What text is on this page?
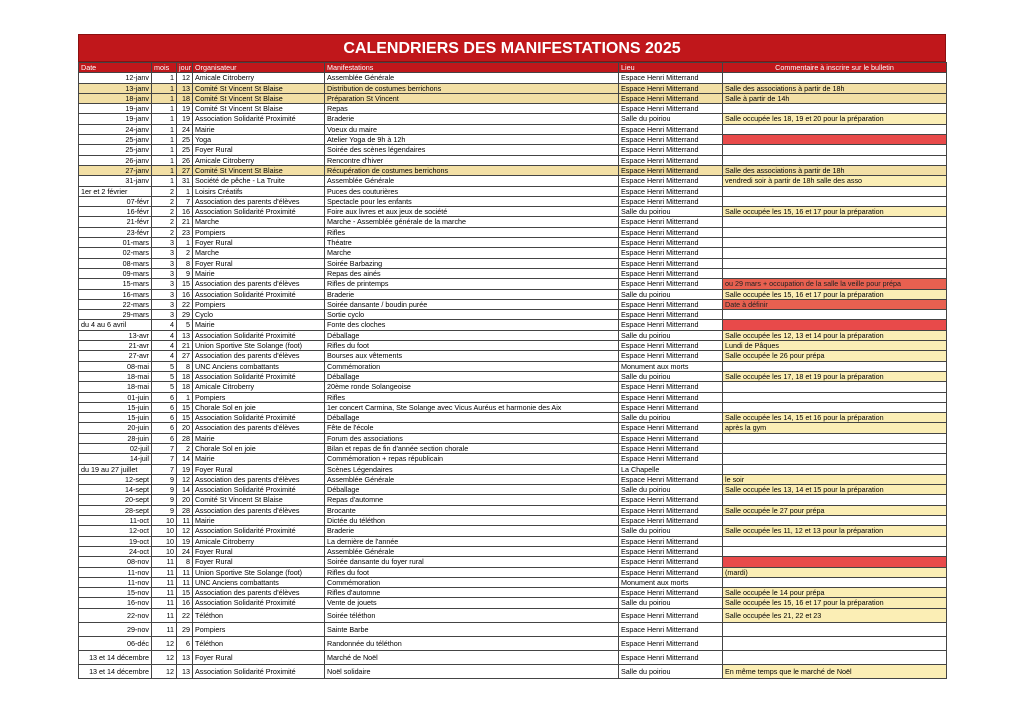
CALENDRIERS DES MANIFESTATIONS 2025
Date	mois	jour	Organisateur	Manifestations	Lieu	Commentaire à inscrire sur le bulletin
12-janv	1	12	Amicale Citroberry	Assemblée Générale	Espace Henri Mitterrand	
13-janv	1	13	Comité St Vincent St Blaise	Distribution de costumes berrichons	Espace Henri Mitterrand	Salle des associations à partir de 18h
18-janv	1	18	Comité St Vincent St Blaise	Préparation St Vincent	Espace Henri Mitterrand	Salle à partir de 14h
19-janv	1	19	Comité St Vincent St Blaise	Repas	Espace Henri Mitterrand	
19-janv	1	19	Association Solidarité Proximité	Braderie	Salle du poiriou	Salle occupée les 18, 19 et 20 pour la préparation
24-janv	1	24	Mairie	Voeux du maire	Espace Henri Mitterrand	
25-janv	1	25	Yoga	Atelier Yoga de 9h à 12h	Espace Henri Mitterrand	
25-janv	1	25	Foyer Rural	Soirée des scènes légendaires	Espace Henri Mitterrand	
26-janv	1	26	Amicale Citroberry	Rencontre d'hiver	Espace Henri Mitterrand	
27-janv	1	27	Comité St Vincent St Blaise	Récupération de costumes berrichons	Espace Henri Mitterrand	Salle des associations à partir de 18h
31-janv	1	31	Société de pêche - La Truite	Assemblée Générale	Espace Henri Mitterrand	vendredi soir à partir de 18h salle des asso
1er et 2 février	2	1	Loisirs Créatifs	Puces des couturières	Espace Henri Mitterrand	
07-févr	2	7	Association des parents d'élèves	Spectacle pour les enfants	Espace Henri Mitterrand	
16-févr	2	16	Association Solidarité Proximité	Foire aux livres et aux jeux de société	Salle du poiriou	Salle occupée les 15, 16 et 17 pour la préparation
21-févr	2	21	Marche	Marche - Assemblée générale de la marche	Espace Henri Mitterrand	
23-févr	2	23	Pompiers	Rifles	Espace Henri Mitterrand	
01-mars	3	1	Foyer Rural	Théatre	Espace Henri Mitterrand	
02-mars	3	2	Marche	Marche	Espace Henri Mitterrand	
08-mars	3	8	Foyer Rural	Soirée Barbazing	Espace Henri Mitterrand	
09-mars	3	9	Mairie	Repas des ainés	Espace Henri Mitterrand	
15-mars	3	15	Association des parents d'élèves	Rifles de printemps	Espace Henri Mitterrand	ou 29 mars + occupation de la salle la veille pour prépa
16-mars	3	16	Association Solidarité Proximité	Braderie	Salle du poiriou	Salle occupée les 15, 16 et 17 pour la préparation
22-mars	3	22	Pompiers	Soirée dansante / boudin purée	Espace Henri Mitterrand	Date à définir
29-mars	3	29	Cyclo	Sortie cyclo	Espace Henri Mitterrand	
du 4 au 6 avril	4	5	Mairie	Fonte des cloches	Espace Henri Mitterrand	
13-avr	4	13	Association Solidarité Proximité	Déballage	Salle du poiriou	Salle occupée les 12, 13 et 14 pour la préparation
21-avr	4	21	Union Sportive Ste Solange (foot)	Rifles du foot	Espace Henri Mitterrand	Lundi de Pâques
27-avr	4	27	Association des parents d'élèves	Bourses aux vêtements	Espace Henri Mitterrand	Salle occupée le 26 pour prépa
08-mai	5	8	UNC Anciens combattants	Commémoration	Monument aux morts	
18-mai	5	18	Association Solidarité Proximité	Déballage	Salle du poiriou	Salle occupée les 17, 18 et 19 pour la préparation
18-mai	5	18	Amicale Citroberry	20ème ronde Solangeoise	Espace Henri Mitterrand	
01-juin	6	1	Pompiers	Rifles	Espace Henri Mitterrand	
15-juin	6	15	Chorale Sol en joie	1er concert Carmina, Ste Solange avec Vicus Auréus et harmonie des Aix	Espace Henri Mitterrand	
15-juin	6	15	Association Solidarité Proximité	Déballage	Salle du poiriou	Salle occupée les 14, 15 et 16 pour la préparation
20-juin	6	20	Association des parents d'élèves	Fête de l'école	Espace Henri Mitterrand	après la gym
28-juin	6	28	Mairie	Forum des associations	Espace Henri Mitterrand	
02-juil	7	2	Chorale Sol en joie	Bilan et repas de fin d'année section chorale	Espace Henri Mitterrand	
14-juil	7	14	Mairie	Commémoration + repas républicain	Espace Henri Mitterrand	
du 19 au 27 juillet	7	19	Foyer Rural	Scènes Légendaires	La Chapelle	
12-sept	9	12	Association des parents d'élèves	Assemblée Générale	Espace Henri Mitterrand	le soir
14-sept	9	14	Association Solidarité Proximité	Déballage	Salle du poiriou	Salle occupée les 13, 14 et 15 pour la préparation
20-sept	9	20	Comité St Vincent St Blaise	Repas d'automne	Espace Henri Mitterrand	
28-sept	9	28	Association des parents d'élèves	Brocante	Espace Henri Mitterrand	Salle occupée le 27 pour prépa
11-oct	10	11	Mairie	Dictée du téléthon	Espace Henri Mitterrand	
12-oct	10	12	Association Solidarité Proximité	Braderie	Salle du poiriou	Salle occupée les 11, 12 et 13 pour la préparation
19-oct	10	19	Amicale Citroberry	La dernière de l'année	Espace Henri Mitterrand	
24-oct	10	24	Foyer Rural	Assemblée Générale	Espace Henri Mitterrand	
08-nov	11	8	Foyer Rural	Soirée dansante du foyer rural	Espace Henri Mitterrand	
11-nov	11	11	Union Sportive Ste Solange (foot)	Rifles du foot	Espace Henri Mitterrand	(mardi)
11-nov	11	11	UNC Anciens combattants	Commémoration	Monument aux morts	
15-nov	11	15	Association des parents d'élèves	Rifles d'automne	Espace Henri Mitterrand	Salle occupée le 14 pour prépa
16-nov	11	16	Association Solidarité Proximité	Vente de jouets	Salle du poiriou	Salle occupée les 15, 16 et 17 pour la préparation
22-nov	11	22	Téléthon	Soirée téléthon	Espace Henri Mitterrand	Salle occupée les 21, 22 et 23
29-nov	11	29	Pompiers	Sainte Barbe	Espace Henri Mitterrand	
06-déc	12	6	Téléthon	Randonnée du téléthon	Espace Henri Mitterrand	
13 et 14 décembre	12	13	Foyer Rural	Marché de Noël	Espace Henri Mitterrand	
13 et 14 décembre	12	13	Association Solidarité Proximité	Noël solidaire	Salle du poiriou	En même temps que le marché de Noël
